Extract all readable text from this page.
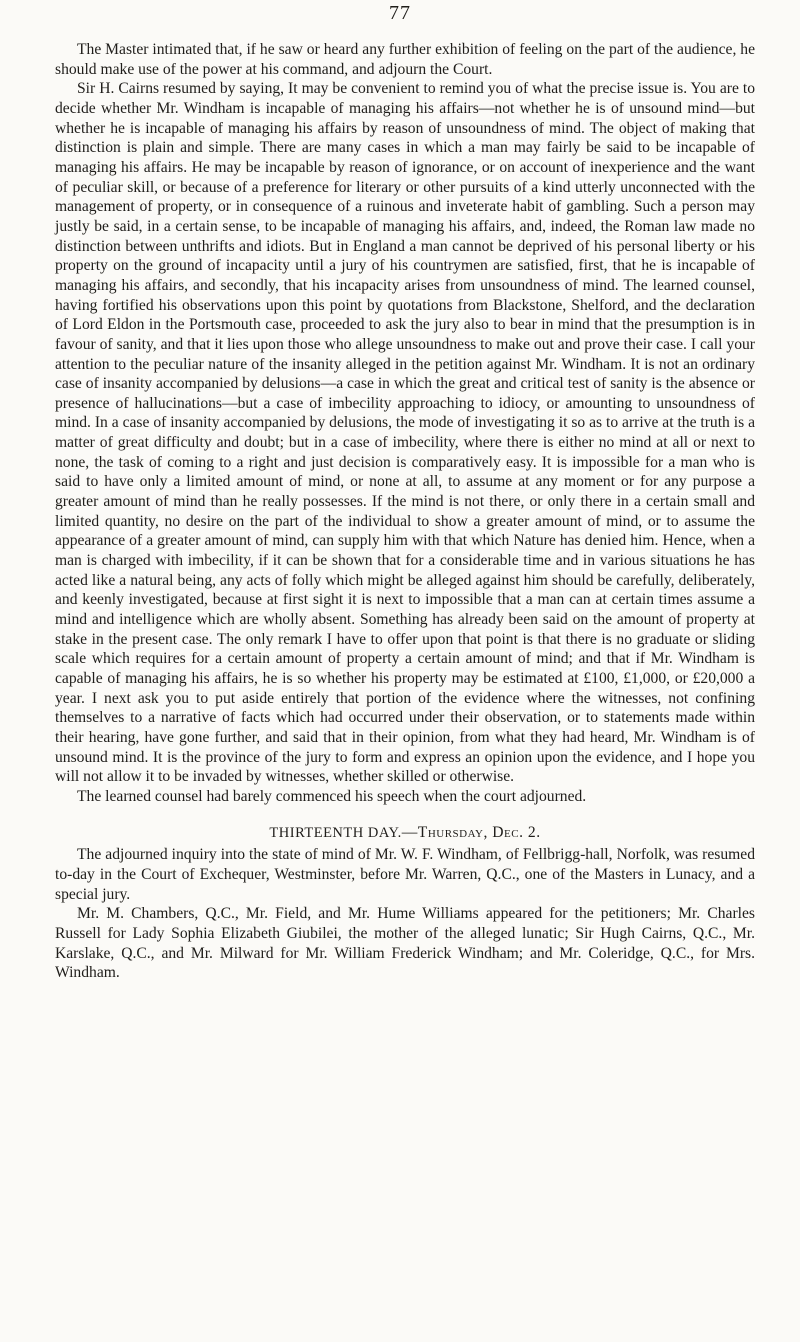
77

The Master intimated that, if he saw or heard any further exhibition of feeling on the part of the audience, he should make use of the power at his command, and adjourn the Court.

Sir H. Cairns resumed by saying, It may be convenient to remind you of what the precise issue is. You are to decide whether Mr. Windham is incapable of managing his affairs—not whether he is of unsound mind—but whether he is incapable of managing his affairs by reason of unsoundness of mind. The object of making that distinction is plain and simple. There are many cases in which a man may fairly be said to be incapable of managing his affairs. He may be incapable by reason of ignorance, or on account of inexperience and the want of peculiar skill, or because of a preference for literary or other pursuits of a kind utterly unconnected with the management of property, or in consequence of a ruinous and inveterate habit of gambling. Such a person may justly be said, in a certain sense, to be incapable of managing his affairs, and, indeed, the Roman law made no distinction between unthrifts and idiots. But in England a man cannot be deprived of his personal liberty or his property on the ground of incapacity until a jury of his countrymen are satisfied, first, that he is incapable of managing his affairs, and secondly, that his incapacity arises from unsoundness of mind. The learned counsel, having fortified his observations upon this point by quotations from Blackstone, Shelford, and the declaration of Lord Eldon in the Portsmouth case, proceeded to ask the jury also to bear in mind that the presumption is in favour of sanity, and that it lies upon those who allege unsoundness to make out and prove their case. I call your attention to the peculiar nature of the insanity alleged in the petition against Mr. Windham. It is not an ordinary case of insanity accompanied by delusions—a case in which the great and critical test of sanity is the absence or presence of hallucinations—but a case of imbecility approaching to idiocy, or amounting to unsoundness of mind. In a case of insanity accompanied by delusions, the mode of investigating it so as to arrive at the truth is a matter of great difficulty and doubt; but in a case of imbecility, where there is either no mind at all or next to none, the task of coming to a right and just decision is comparatively easy. It is impossible for a man who is said to have only a limited amount of mind, or none at all, to assume at any moment or for any purpose a greater amount of mind than he really possesses. If the mind is not there, or only there in a certain small and limited quantity, no desire on the part of the individual to show a greater amount of mind, or to assume the appearance of a greater amount of mind, can supply him with that which Nature has denied him. Hence, when a man is charged with imbecility, if it can be shown that for a considerable time and in various situations he has acted like a natural being, any acts of folly which might be alleged against him should be carefully, deliberately, and keenly investigated, because at first sight it is next to impossible that a man can at certain times assume a mind and intelligence which are wholly absent. Something has already been said on the amount of property at stake in the present case. The only remark I have to offer upon that point is that there is no graduate or sliding scale which requires for a certain amount of property a certain amount of mind; and that if Mr. Windham is capable of managing his affairs, he is so whether his property may be estimated at £100, £1,000, or £20,000 a year. I next ask you to put aside entirely that portion of the evidence where the witnesses, not confining themselves to a narrative of facts which had occurred under their observation, or to statements made within their hearing, have gone further, and said that in their opinion, from what they had heard, Mr. Windham is of unsound mind. It is the province of the jury to form and express an opinion upon the evidence, and I hope you will not allow it to be invaded by witnesses, whether skilled or otherwise.

The learned counsel had barely commenced his speech when the court adjourned.

THIRTEENTH DAY.—Thursday, Dec. 2.

The adjourned inquiry into the state of mind of Mr. W. F. Windham, of Fellbrigg-hall, Norfolk, was resumed to-day in the Court of Exchequer, Westminster, before Mr. Warren, Q.C., one of the Masters in Lunacy, and a special jury.

Mr. M. Chambers, Q.C., Mr. Field, and Mr. Hume Williams appeared for the petitioners; Mr. Charles Russell for Lady Sophia Elizabeth Giubilei, the mother of the alleged lunatic; Sir Hugh Cairns, Q.C., Mr. Karslake, Q.C., and Mr. Milward for Mr. William Frederick Windham; and Mr. Coleridge, Q.C., for Mrs. Windham.
